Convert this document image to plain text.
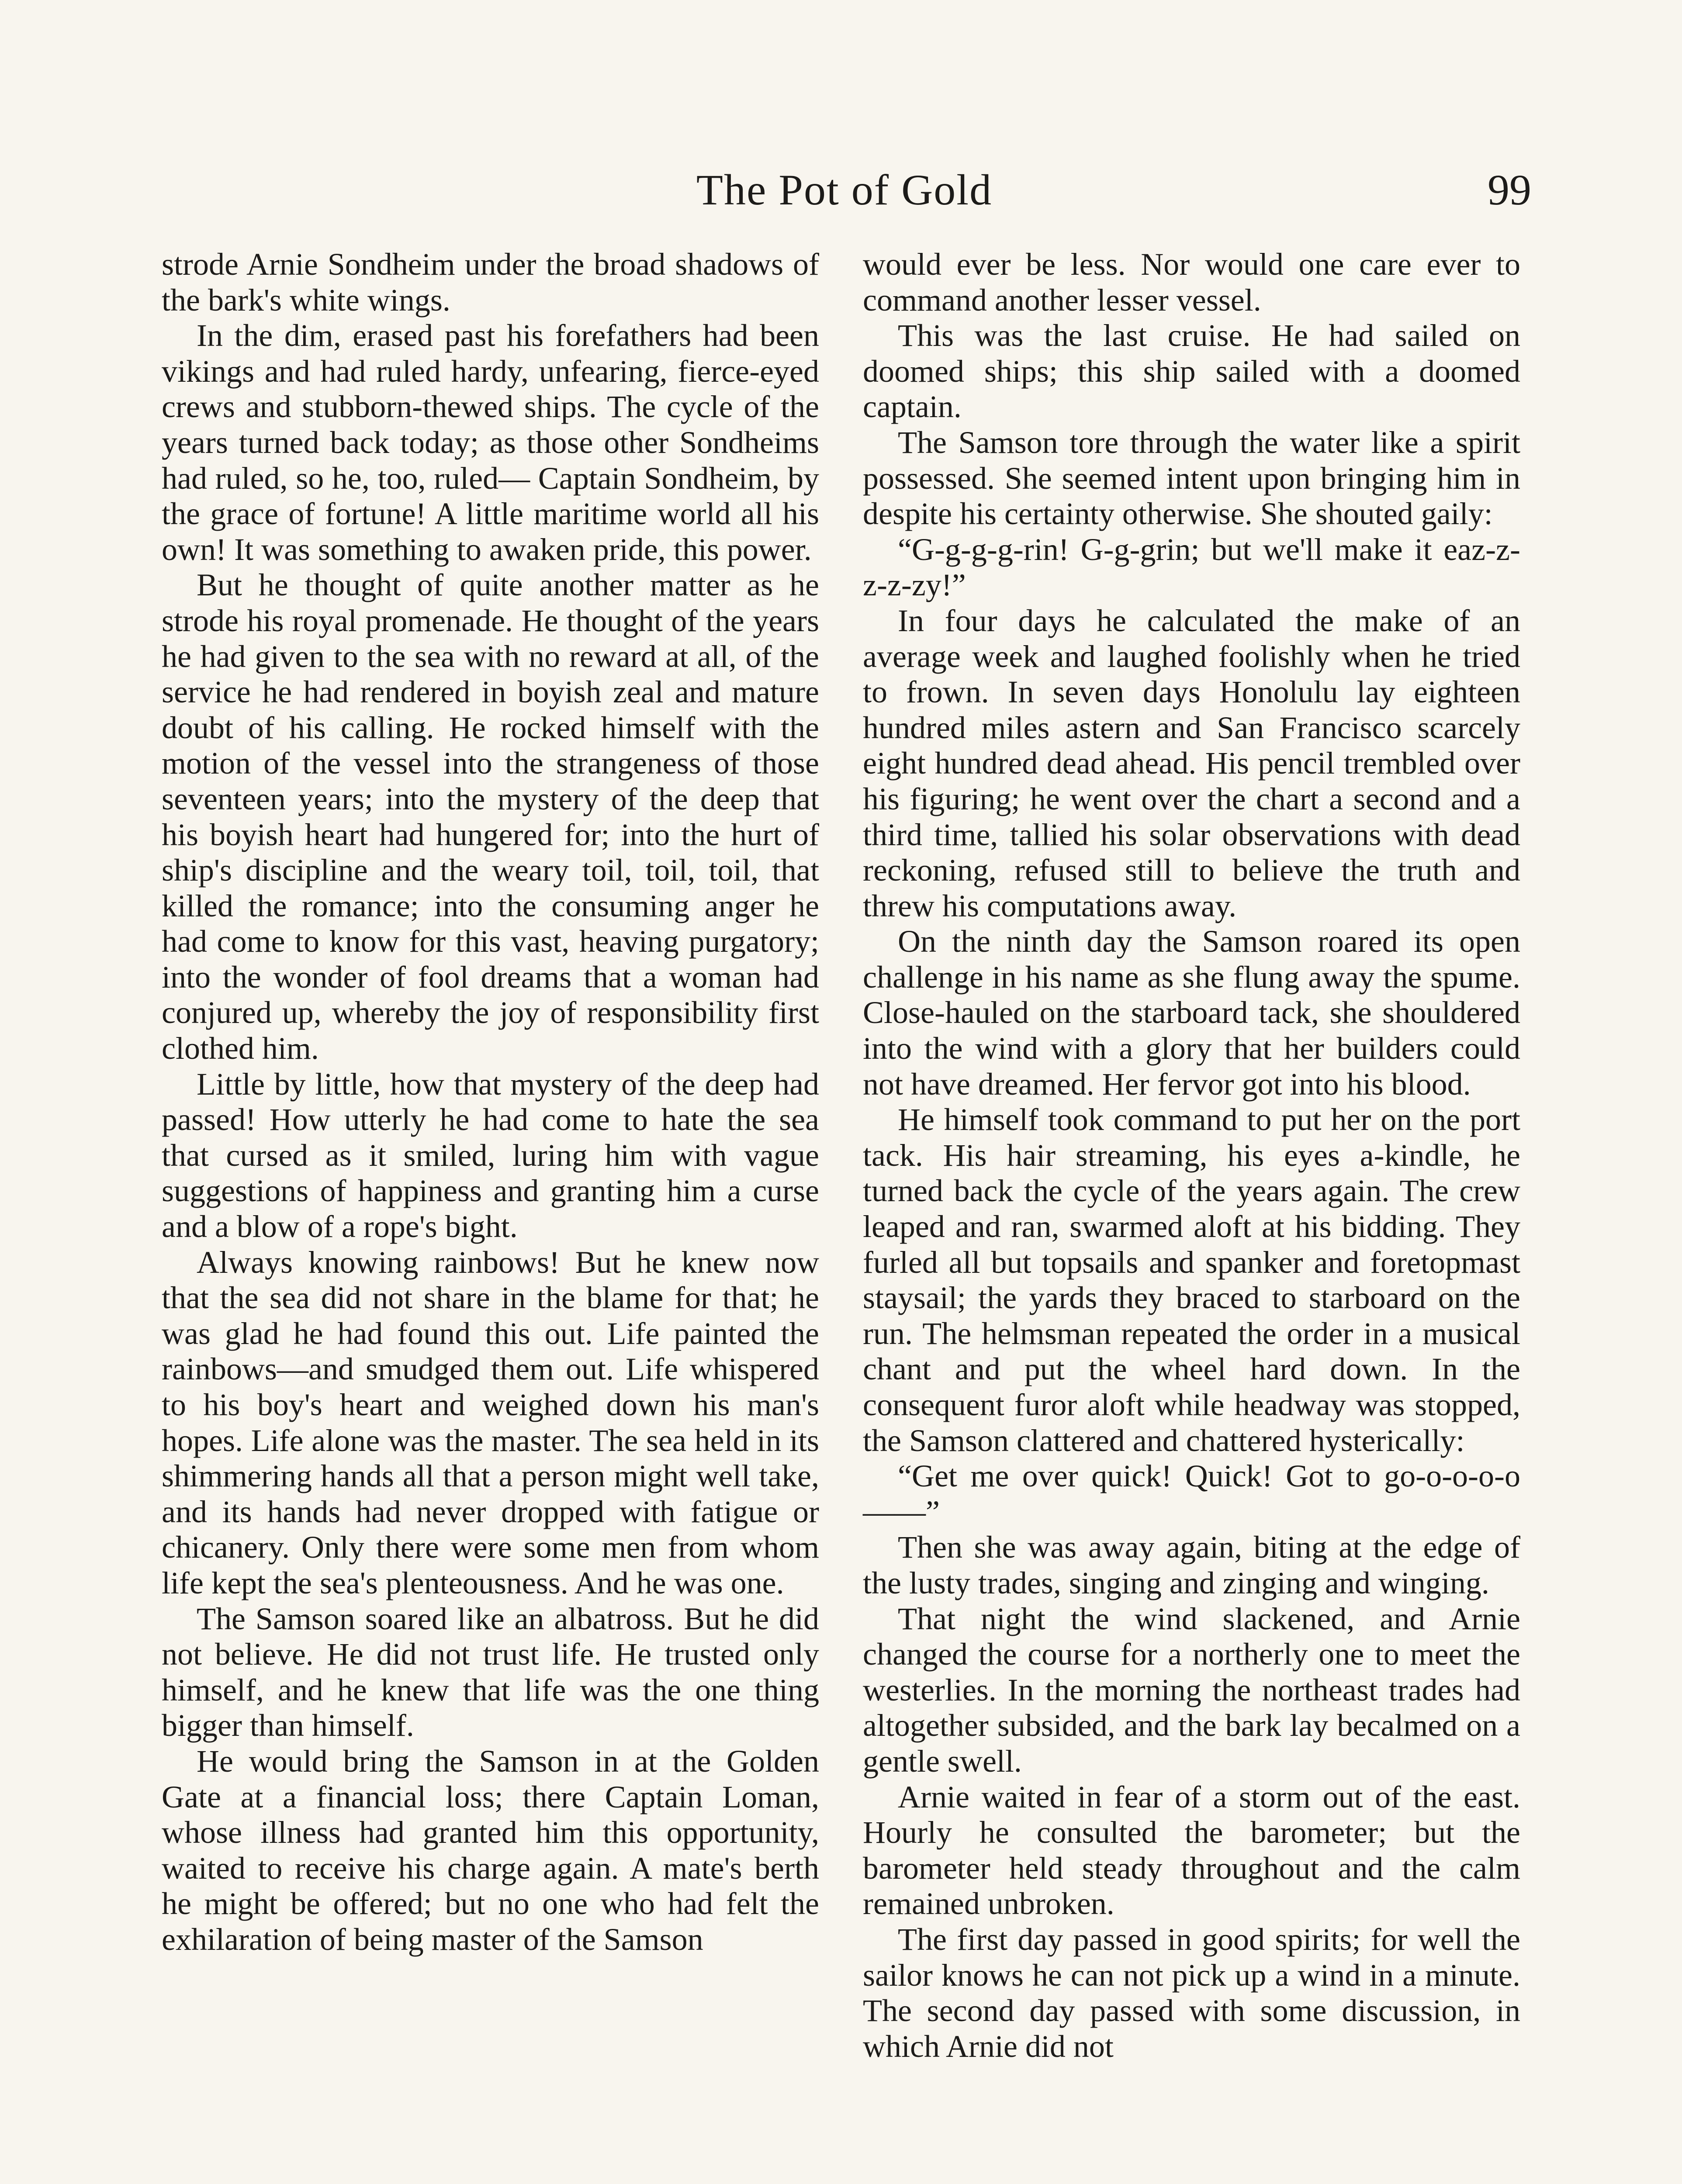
The Pot of Gold	99

strode Arnie Sondheim under the broad shadows of the bark's white wings.

In the dim, erased past his forefathers had been vikings and had ruled hardy, unfearing, fierce-eyed crews and stubborn-thewed ships. The cycle of the years turned back today; as those other Sondheims had ruled, so he, too, ruled— Captain Sondheim, by the grace of fortune! A little maritime world all his own! It was something to awaken pride, this power.

But he thought of quite another matter as he strode his royal promenade. He thought of the years he had given to the sea with no reward at all, of the service he had rendered in boyish zeal and mature doubt of his calling. He rocked himself with the motion of the vessel into the strangeness of those seventeen years; into the mystery of the deep that his boyish heart had hungered for; into the hurt of ship's discipline and the weary toil, toil, toil, that killed the romance; into the consuming anger he had come to know for this vast, heaving purgatory; into the wonder of fool dreams that a woman had conjured up, whereby the joy of responsibility first clothed him.

Little by little, how that mystery of the deep had passed! How utterly he had come to hate the sea that cursed as it smiled, luring him with vague suggestions of happiness and granting him a curse and a blow of a rope's bight.

Always knowing rainbows! But he knew now that the sea did not share in the blame for that; he was glad he had found this out. Life painted the rainbows—and smudged them out. Life whispered to his boy's heart and weighed down his man's hopes. Life alone was the master. The sea held in its shimmering hands all that a person might well take, and its hands had never dropped with fatigue or chicanery. Only there were some men from whom life kept the sea's plenteousness. And he was one.

The Samson soared like an albatross. But he did not believe. He did not trust life. He trusted only himself, and he knew that life was the one thing bigger than himself.

He would bring the Samson in at the Golden Gate at a financial loss; there Captain Loman, whose illness had granted him this opportunity, waited to receive his charge again. A mate's berth he might be offered; but no one who had felt the exhilaration of being master of the Samson

would ever be less. Nor would one care ever to command another lesser vessel.

This was the last cruise. He had sailed on doomed ships; this ship sailed with a doomed captain.

The Samson tore through the water like a spirit possessed. She seemed intent upon bringing him in despite his certainty otherwise. She shouted gaily:

“G-g-g-g-rin! G-g-grin; but we'll make it eaz-z-z-z-zy!”

In four days he calculated the make of an average week and laughed foolishly when he tried to frown. In seven days Honolulu lay eighteen hundred miles astern and San Francisco scarcely eight hundred dead ahead. His pencil trembled over his figuring; he went over the chart a second and a third time, tallied his solar observations with dead reckoning, refused still to believe the truth and threw his computations away.

On the ninth day the Samson roared its open challenge in his name as she flung away the spume. Close-hauled on the starboard tack, she shouldered into the wind with a glory that her builders could not have dreamed. Her fervor got into his blood.

He himself took command to put her on the port tack. His hair streaming, his eyes a-kindle, he turned back the cycle of the years again. The crew leaped and ran, swarmed aloft at his bidding. They furled all but topsails and spanker and foretopmast staysail; the yards they braced to starboard on the run. The helmsman repeated the order in a musical chant and put the wheel hard down. In the consequent furor aloft while headway was stopped, the Samson clattered and chattered hysterically:

“Get me over quick! Quick! Got to go-o-o-o-o——”

Then she was away again, biting at the edge of the lusty trades, singing and zinging and winging.

That night the wind slackened, and Arnie changed the course for a northerly one to meet the westerlies. In the morning the northeast trades had altogether subsided, and the bark lay becalmed on a gentle swell.

Arnie waited in fear of a storm out of the east. Hourly he consulted the barometer; but the barometer held steady throughout and the calm remained unbroken.

The first day passed in good spirits; for well the sailor knows he can not pick up a wind in a minute. The second day passed with some discussion, in which Arnie did not
